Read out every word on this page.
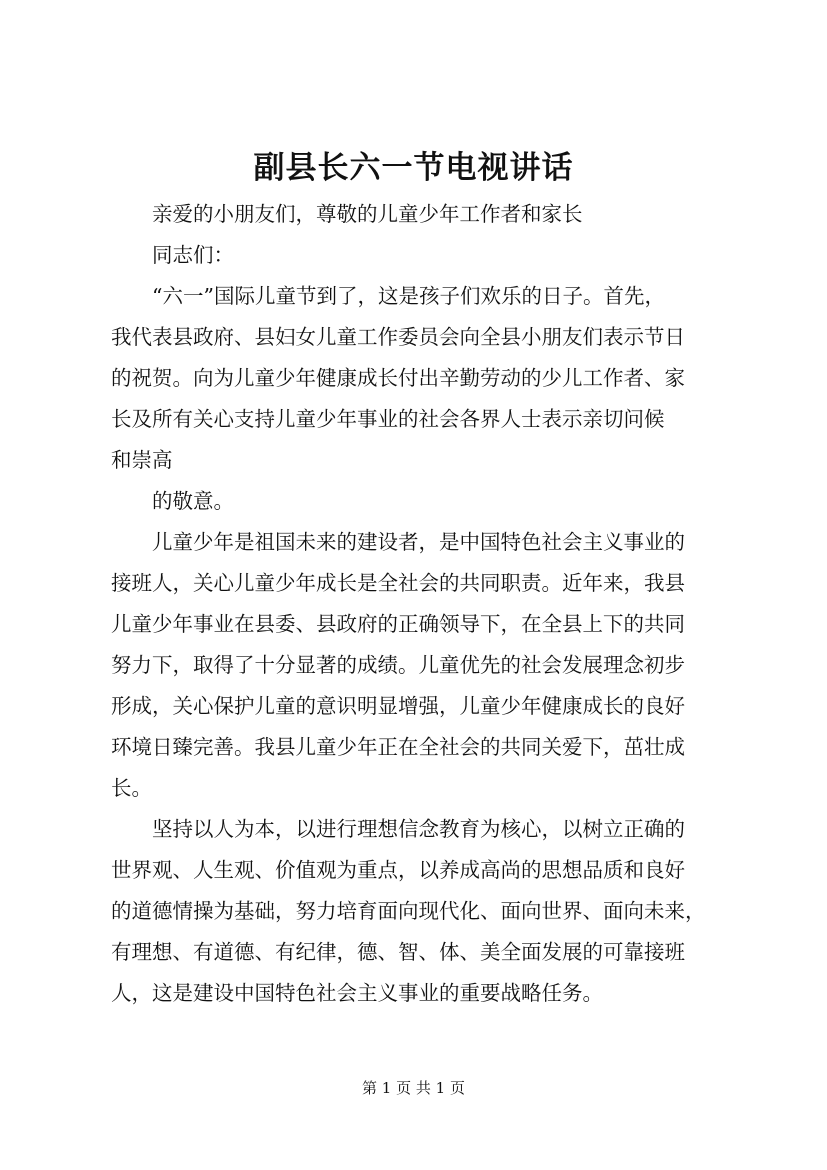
副县长六一节电视讲话
亲爱的小朋友们，尊敬的儿童少年工作者和家长
同志们：
“六一”国际儿童节到了，这是孩子们欢乐的日子。首先，
我代表县政府、县妇女儿童工作委员会向全县小朋友们表示节日
的祝贺。向为儿童少年健康成长付出辛勤劳动的少儿工作者、家
长及所有关心支持儿童少年事业的社会各界人士表示亲切问候
和崇高
的敬意。
儿童少年是祖国未来的建设者，是中国特色社会主义事业的
接班人，关心儿童少年成长是全社会的共同职责。近年来，我县
儿童少年事业在县委、县政府的正确领导下，在全县上下的共同
努力下，取得了十分显著的成绩。儿童优先的社会发展理念初步
形成，关心保护儿童的意识明显增强，儿童少年健康成长的良好
环境日臻完善。我县儿童少年正在全社会的共同关爱下，茁壮成
长。
坚持以人为本，以进行理想信念教育为核心，以树立正确的
世界观、人生观、价值观为重点，以养成高尚的思想品质和良好
的道德情操为基础，努力培育面向现代化、面向世界、面向未来，
有理想、有道德、有纪律，德、智、体、美全面发展的可靠接班
人，这是建设中国特色社会主义事业的重要战略任务。
第 1 页 共 1 页
